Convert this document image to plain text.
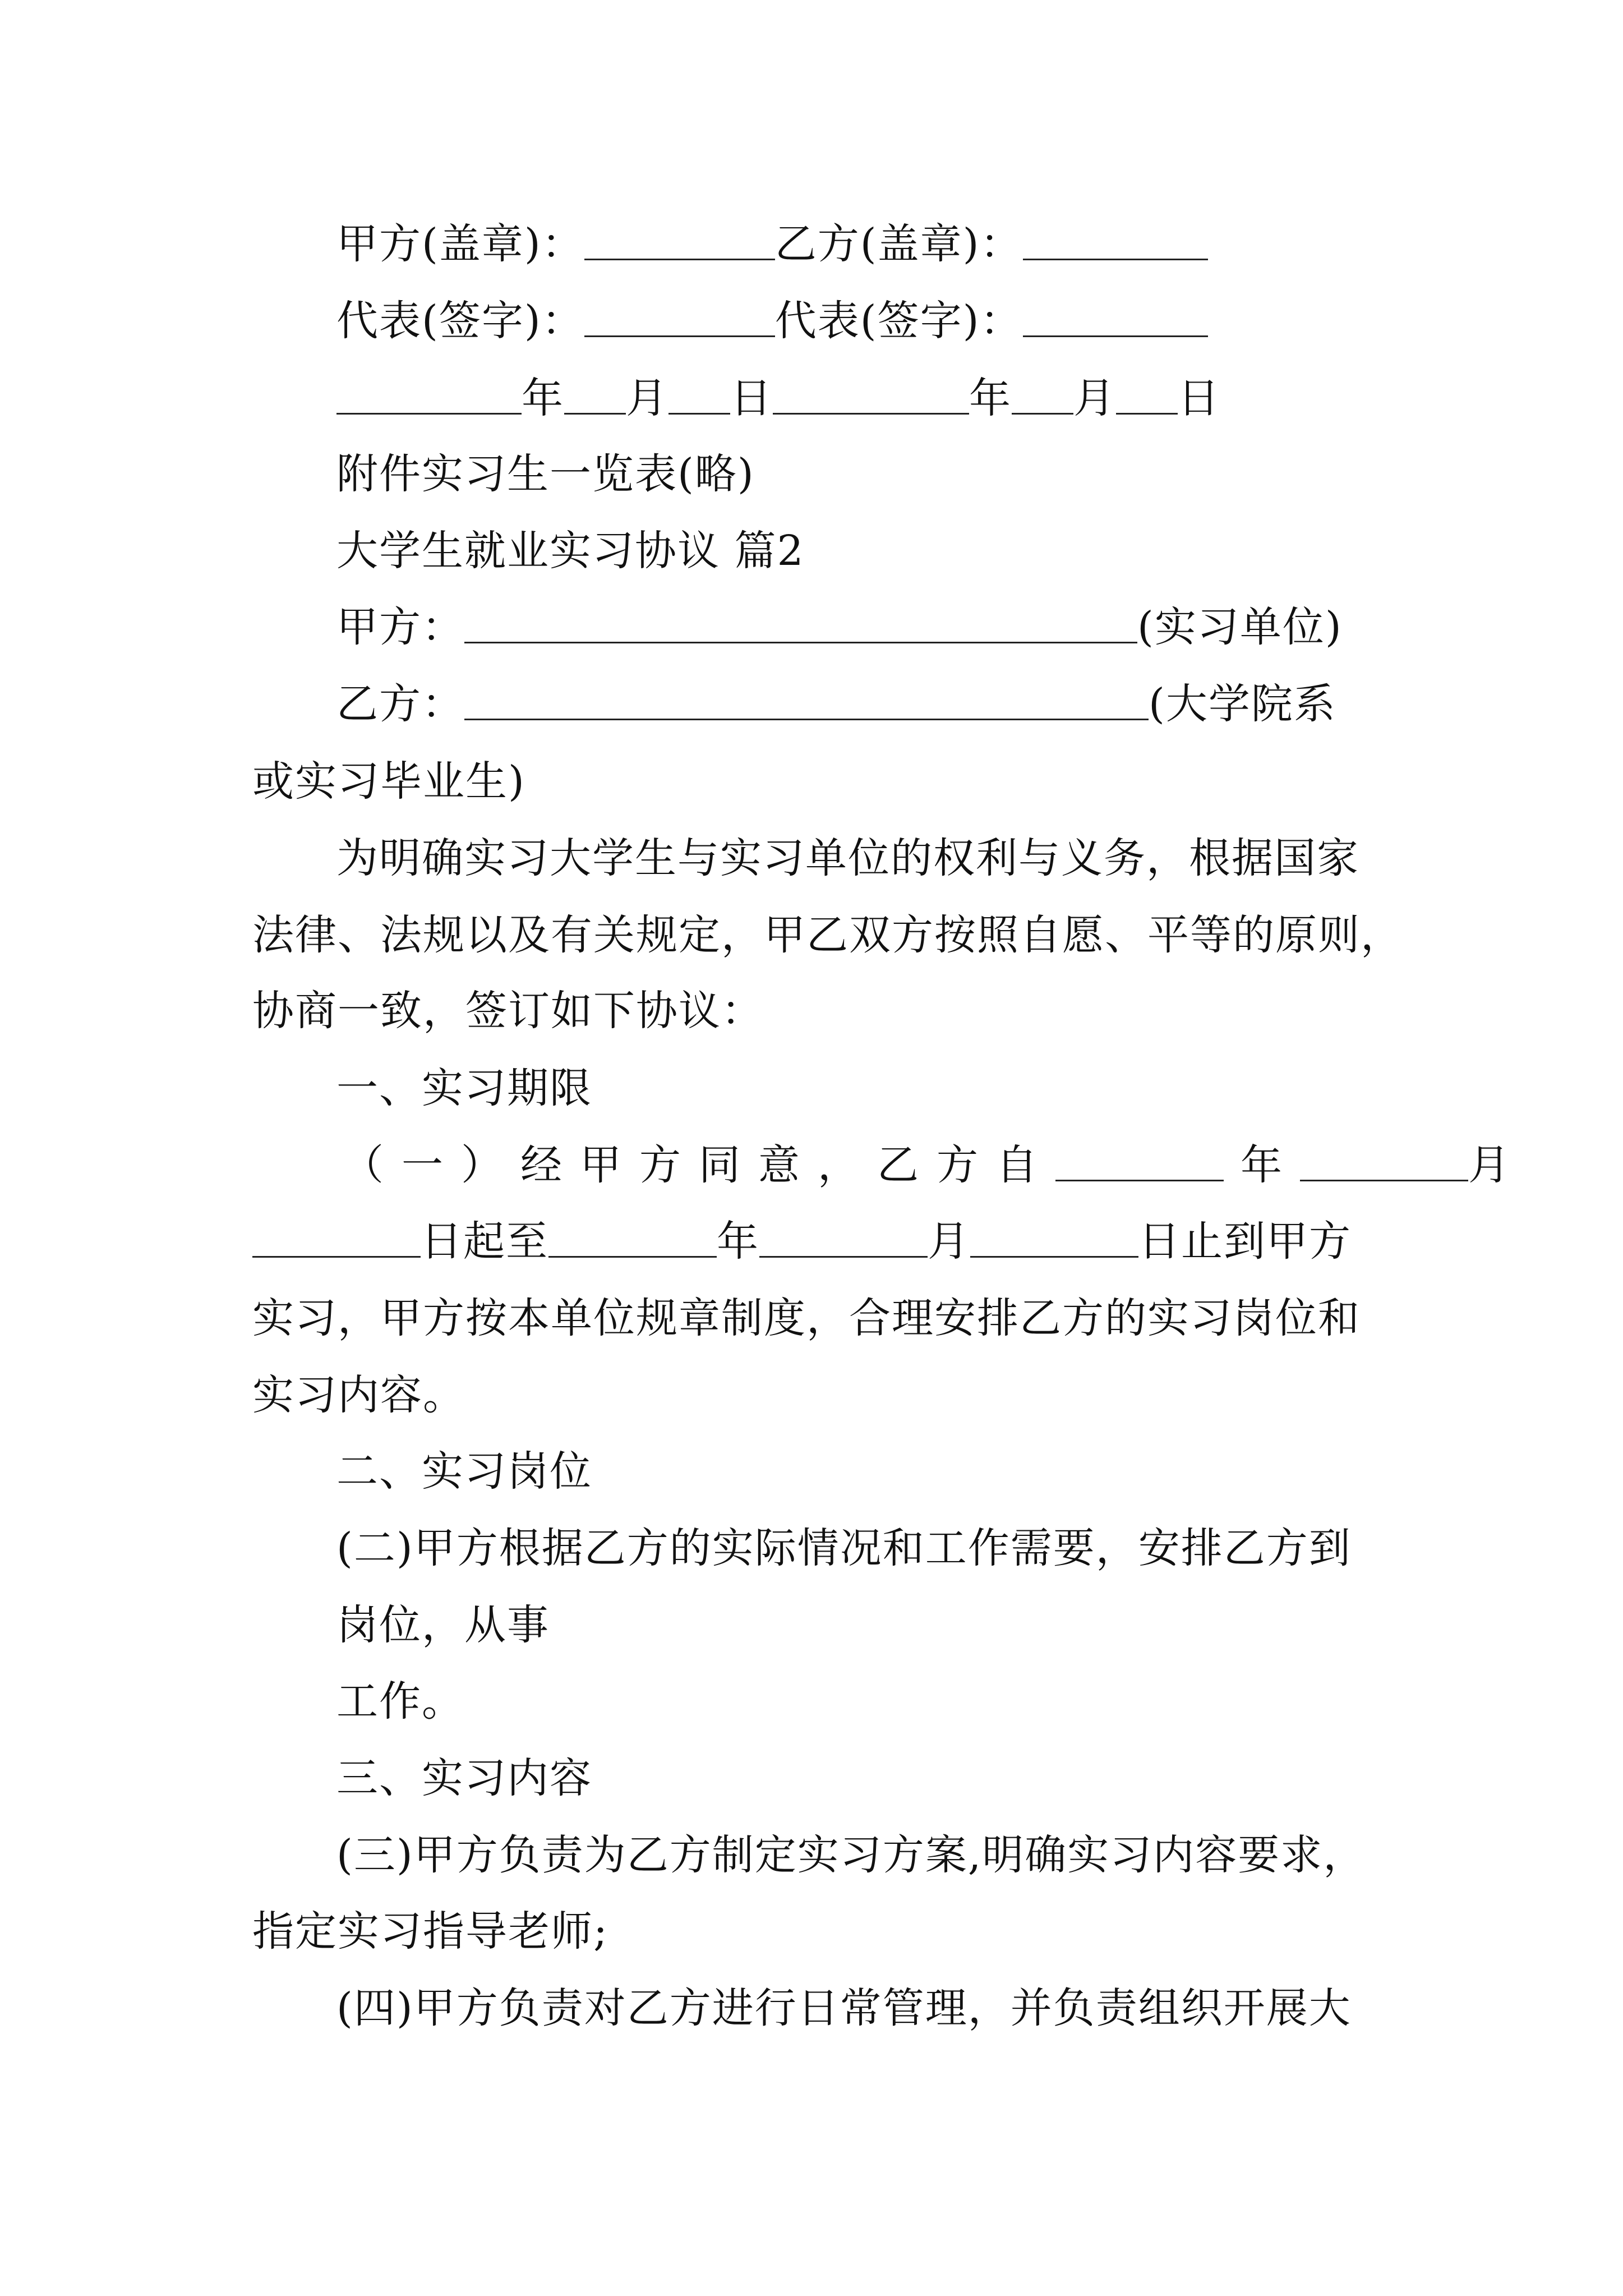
甲方(盖章)：	乙方(盖章)：
代表(签字)：	代表(签字)：
年 月 日	年 月 日
附件实习生一览表(略)
大学生就业实习协议 篇2
甲方：	(实习单位)
乙方：	(大学院系
或实习毕业生)
为明确实习大学生与实习单位的权利与义务，根据国家
法律、法规以及有关规定，甲乙双方按照自愿、平等的原则，
协商一致，签订如下协议：
一、实习期限
（一）经甲方同意，乙方自	年	月
日起至	年	月	日止到甲方
实习，甲方按本单位规章制度，合理安排乙方的实习岗位和
实习内容。
二、实习岗位
(二)甲方根据乙方的实际情况和工作需要，安排乙方到
岗位，从事
工作。
三、实习内容
(三)甲方负责为乙方制定实习方案,明确实习内容要求，
指定实习指导老师;
(四)甲方负责对乙方进行日常管理，并负责组织开展大
